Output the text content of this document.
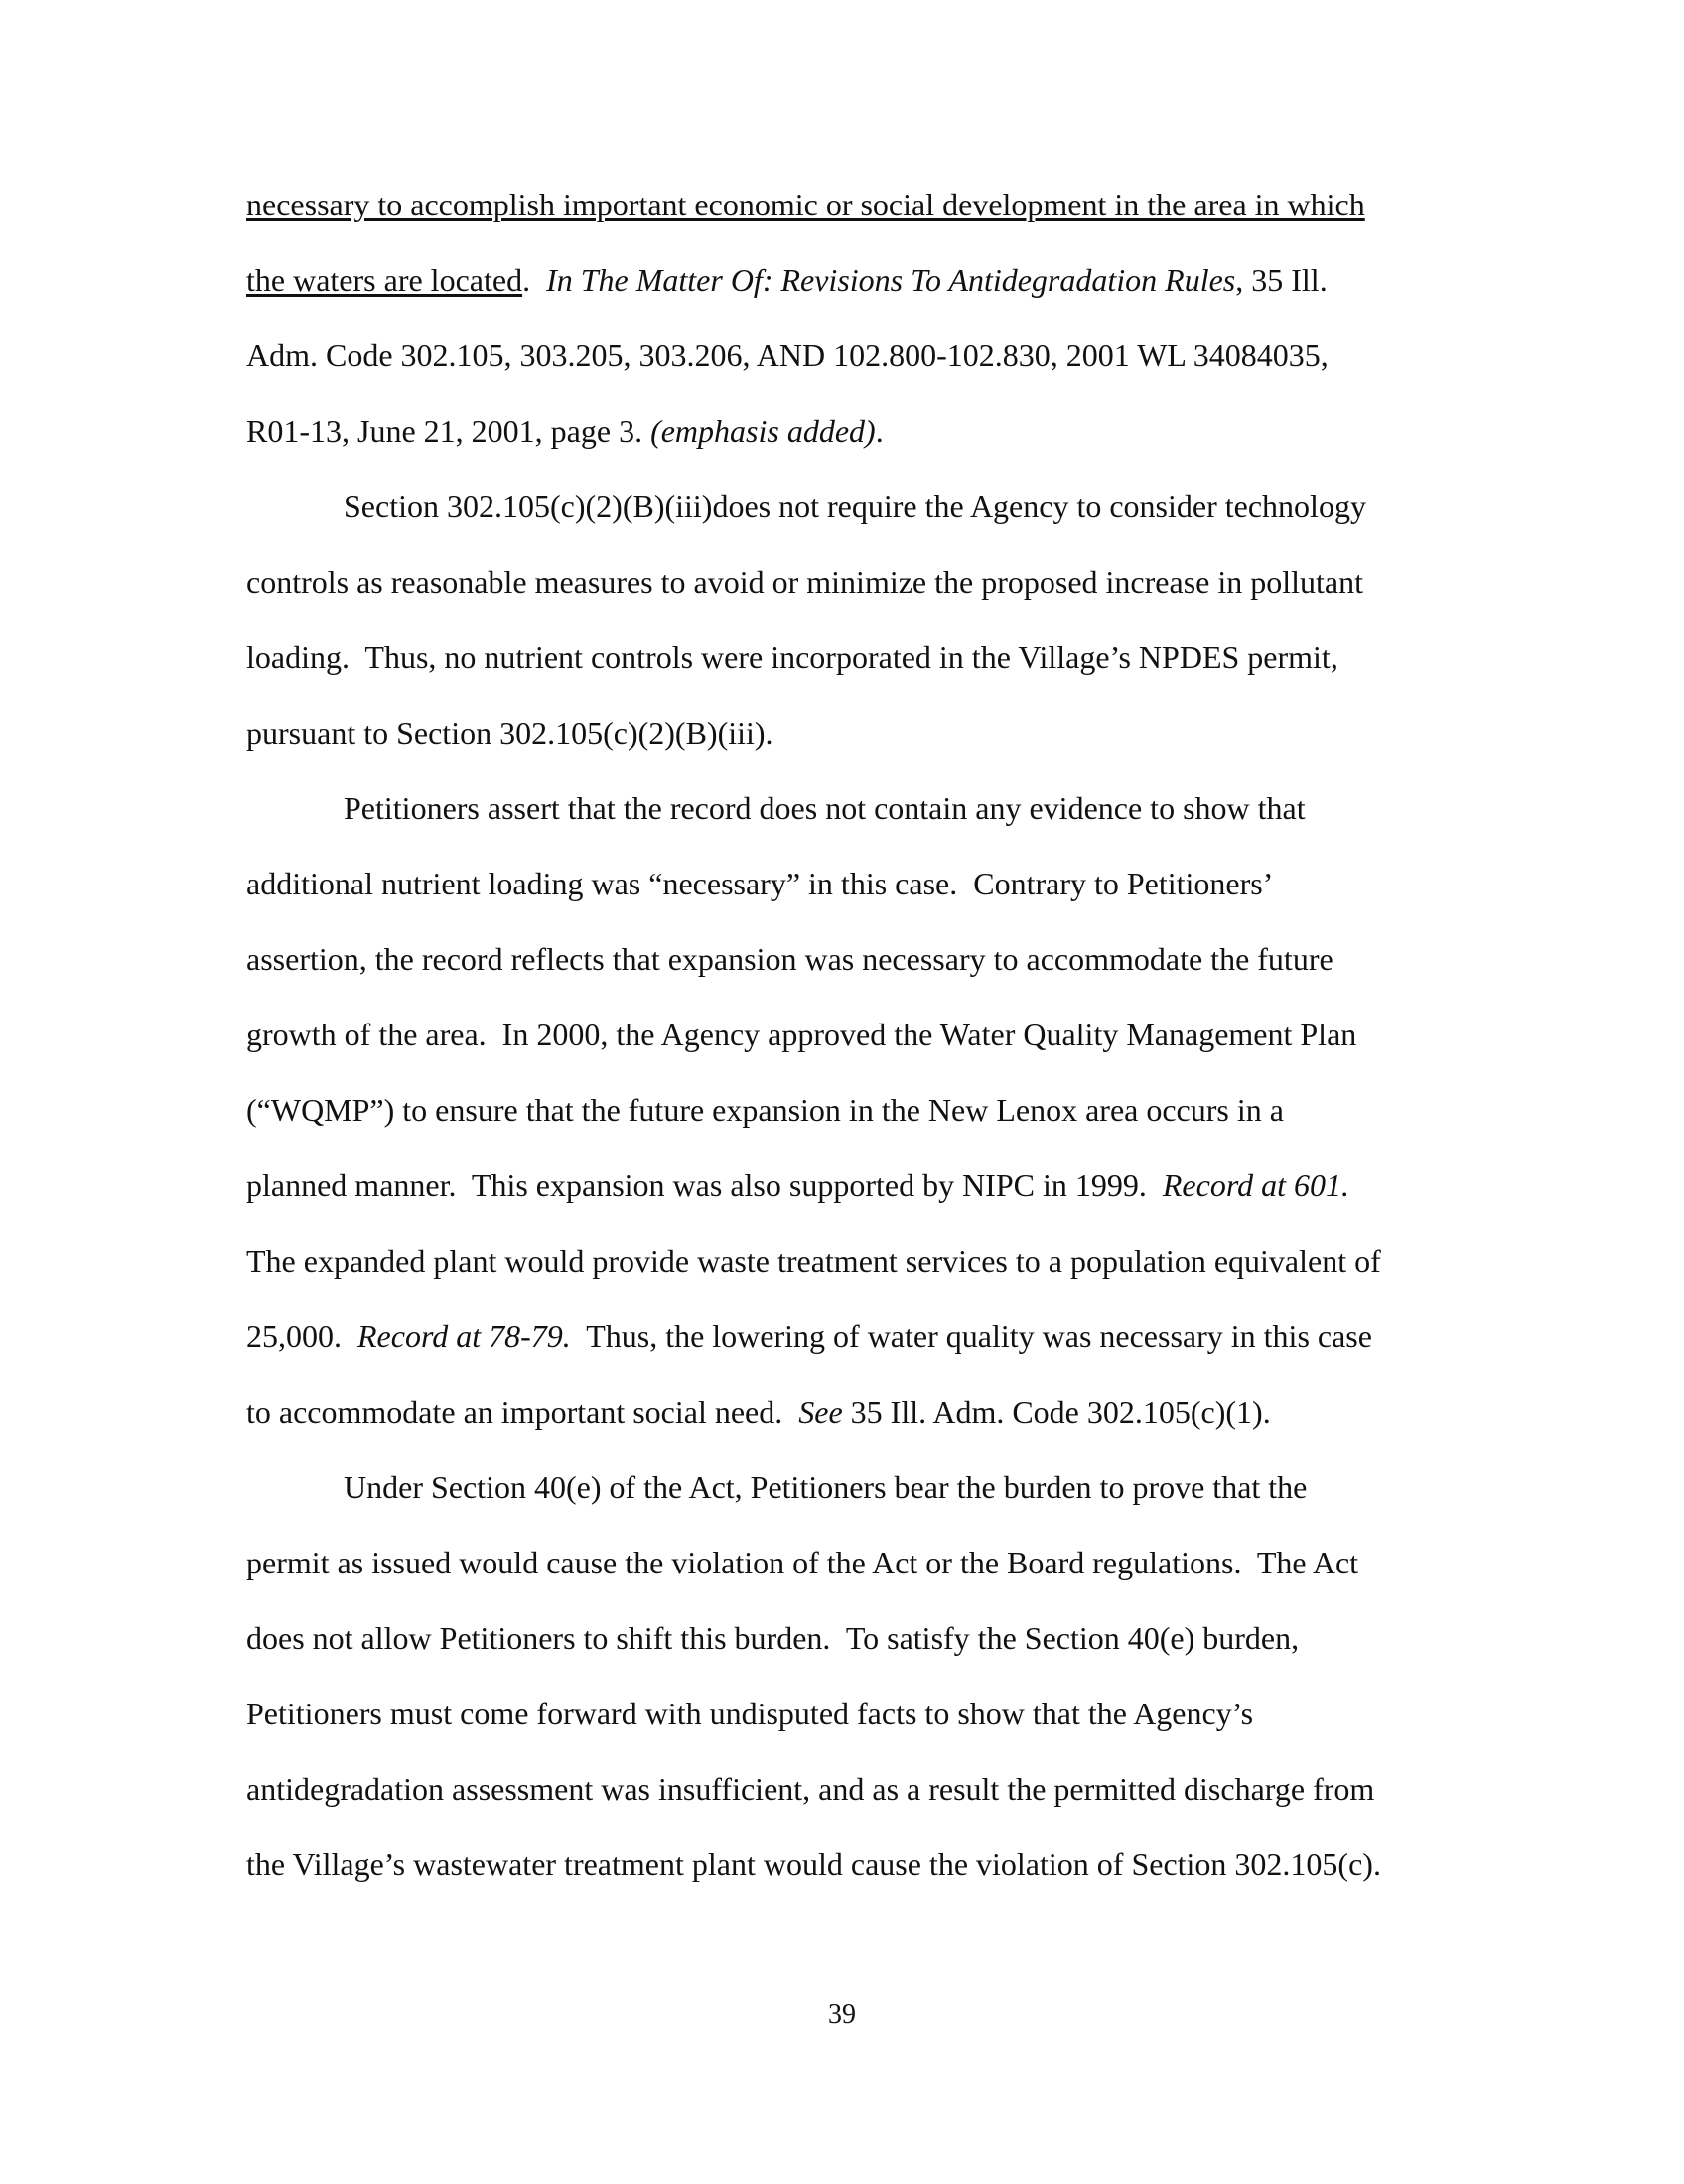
necessary to accomplish important economic or social development in the area in which
the waters are located.  In The Matter Of: Revisions To Antidegradation Rules, 35 Ill.
Adm. Code 302.105, 303.205, 303.206, AND 102.800-102.830, 2001 WL 34084035,
R01-13, June 21, 2001, page 3. (emphasis added).
Section 302.105(c)(2)(B)(iii)does not require the Agency to consider technology
controls as reasonable measures to avoid or minimize the proposed increase in pollutant
loading.  Thus, no nutrient controls were incorporated in the Village’s NPDES permit,
pursuant to Section 302.105(c)(2)(B)(iii).
Petitioners assert that the record does not contain any evidence to show that
additional nutrient loading was “necessary” in this case.  Contrary to Petitioners’
assertion, the record reflects that expansion was necessary to accommodate the future
growth of the area.  In 2000, the Agency approved the Water Quality Management Plan
(“WQMP”) to ensure that the future expansion in the New Lenox area occurs in a
planned manner.  This expansion was also supported by NIPC in 1999.  Record at 601.
The expanded plant would provide waste treatment services to a population equivalent of
25,000.  Record at 78-79.  Thus, the lowering of water quality was necessary in this case
to accommodate an important social need.  See 35 Ill. Adm. Code 302.105(c)(1).
Under Section 40(e) of the Act, Petitioners bear the burden to prove that the
permit as issued would cause the violation of the Act or the Board regulations.  The Act
does not allow Petitioners to shift this burden.  To satisfy the Section 40(e) burden,
Petitioners must come forward with undisputed facts to show that the Agency’s
antidegradation assessment was insufficient, and as a result the permitted discharge from
the Village’s wastewater treatment plant would cause the violation of Section 302.105(c).
39
